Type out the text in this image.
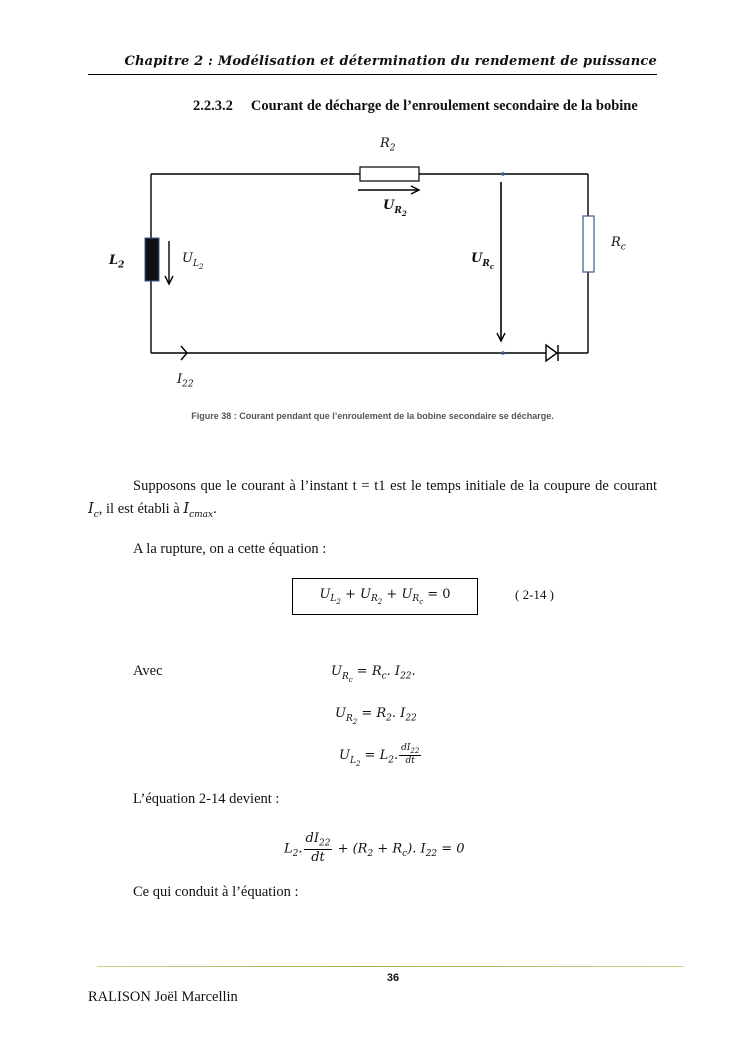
Chapitre 2 : Modélisation et détermination du rendement de puissance
2.2.3.2 Courant de décharge de l’enroulement secondaire de la bobine
$R_2$
$U_{R_2}$
$L_2$	$U_{L_2}$
$U_{R_c}$
$R_c$
$I_{22}$
Figure 38 : Courant pendant que l’enroulement de la bobine secondaire se décharge.
Supposons que le courant à l’instant t = t1 est le temps initiale de la coupure de courant $I_c$, il est établi à $I_{cmax}$.
A la rupture, on a cette équation :
$U_{L_2} + U_{R_2} + U_{R_c} = 0$	( 2-14 )
Avec	$U_{R_c} = R_c$. $I_{22}$.
$U_{R_2} = R_2$. $I_{22}$
$U_{L_2} = L_2$. $\frac{dI_{22}}{dt}$
L’équation 2-14 devient :
$L_2$. $\frac{dI_{22}}{dt} + (R_2 + R_c)$. $I_{22} = 0$
Ce qui conduit à l’équation :
36
RALISON Joël Marcellin
